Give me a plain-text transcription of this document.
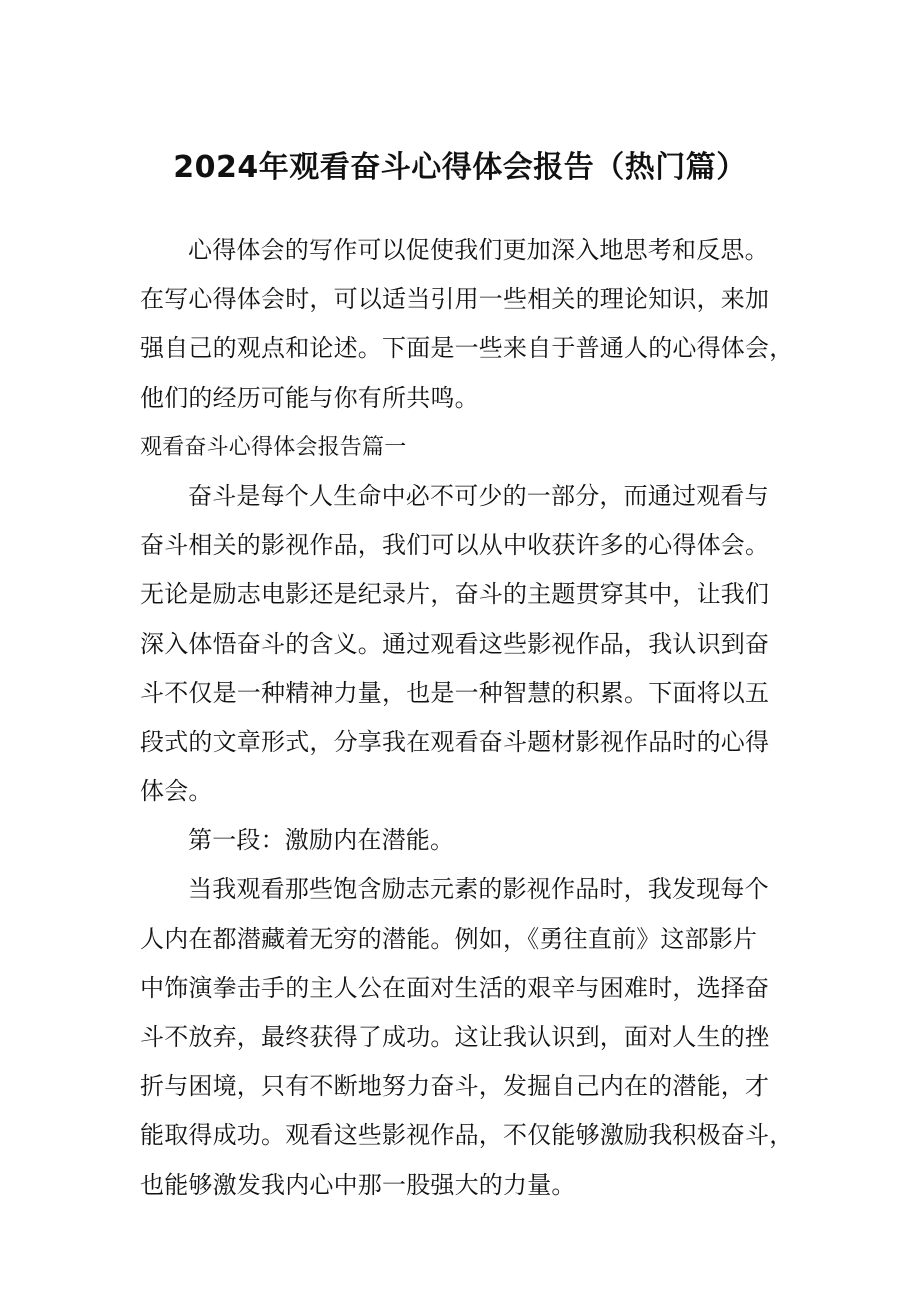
2024年观看奋斗心得体会报告（热门篇）
心得体会的写作可以促使我们更加深入地思考和反思。
在写心得体会时，可以适当引用一些相关的理论知识，来加
强自己的观点和论述。下面是一些来自于普通人的心得体会，
他们的经历可能与你有所共鸣。
观看奋斗心得体会报告篇一
奋斗是每个人生命中必不可少的一部分，而通过观看与
奋斗相关的影视作品，我们可以从中收获许多的心得体会。
无论是励志电影还是纪录片，奋斗的主题贯穿其中，让我们
深入体悟奋斗的含义。通过观看这些影视作品，我认识到奋
斗不仅是一种精神力量，也是一种智慧的积累。下面将以五
段式的文章形式，分享我在观看奋斗题材影视作品时的心得
体会。
第一段：激励内在潜能。
当我观看那些饱含励志元素的影视作品时，我发现每个
人内在都潜藏着无穷的潜能。例如，《勇往直前》这部影片
中饰演拳击手的主人公在面对生活的艰辛与困难时，选择奋
斗不放弃，最终获得了成功。这让我认识到，面对人生的挫
折与困境，只有不断地努力奋斗，发掘自己内在的潜能，才
能取得成功。观看这些影视作品，不仅能够激励我积极奋斗，
也能够激发我内心中那一股强大的力量。
